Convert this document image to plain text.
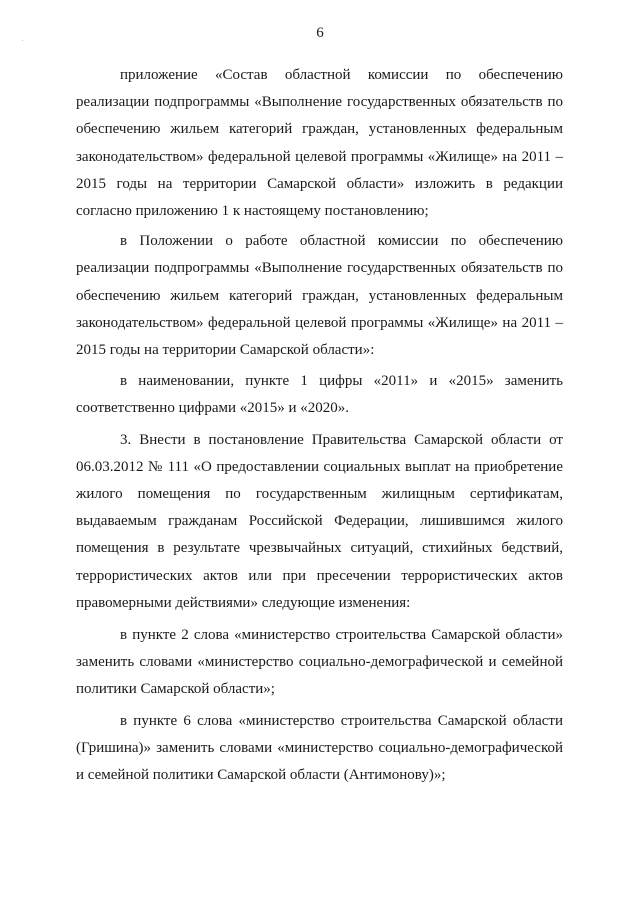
6

приложение «Состав областной комиссии по обеспечению реализации подпрограммы «Выполнение государственных обязательств по обеспечению жильем категорий граждан, установленных федеральным законодательством» федеральной целевой программы «Жилище» на 2011 – 2015 годы на территории Самарской области» изложить в редакции согласно приложению 1 к настоящему постановлению;

в Положении о работе областной комиссии по обеспечению реализации подпрограммы «Выполнение государственных обязательств по обеспечению жильем категорий граждан, установленных федеральным законодательством» федеральной целевой программы «Жилище» на 2011 – 2015 годы на территории Самарской области»:

в наименовании, пункте 1 цифры «2011» и «2015» заменить соответственно цифрами «2015» и «2020».

3. Внести в постановление Правительства Самарской области от 06.03.2012 № 111 «О предоставлении социальных выплат на приобретение жилого помещения по государственным жилищным сертификатам, выдаваемым гражданам Российской Федерации, лишившимся жилого помещения в результате чрезвычайных ситуаций, стихийных бедствий, террористических актов или при пресечении террористических актов правомерными действиями» следующие изменения:

в пункте 2 слова «министерство строительства Самарской области» заменить словами «министерство социально-демографической и семейной политики Самарской области»;

в пункте 6 слова «министерство строительства Самарской области (Гришина)» заменить словами «министерство социально-демографической и семейной политики Самарской области (Антимонову)»;
